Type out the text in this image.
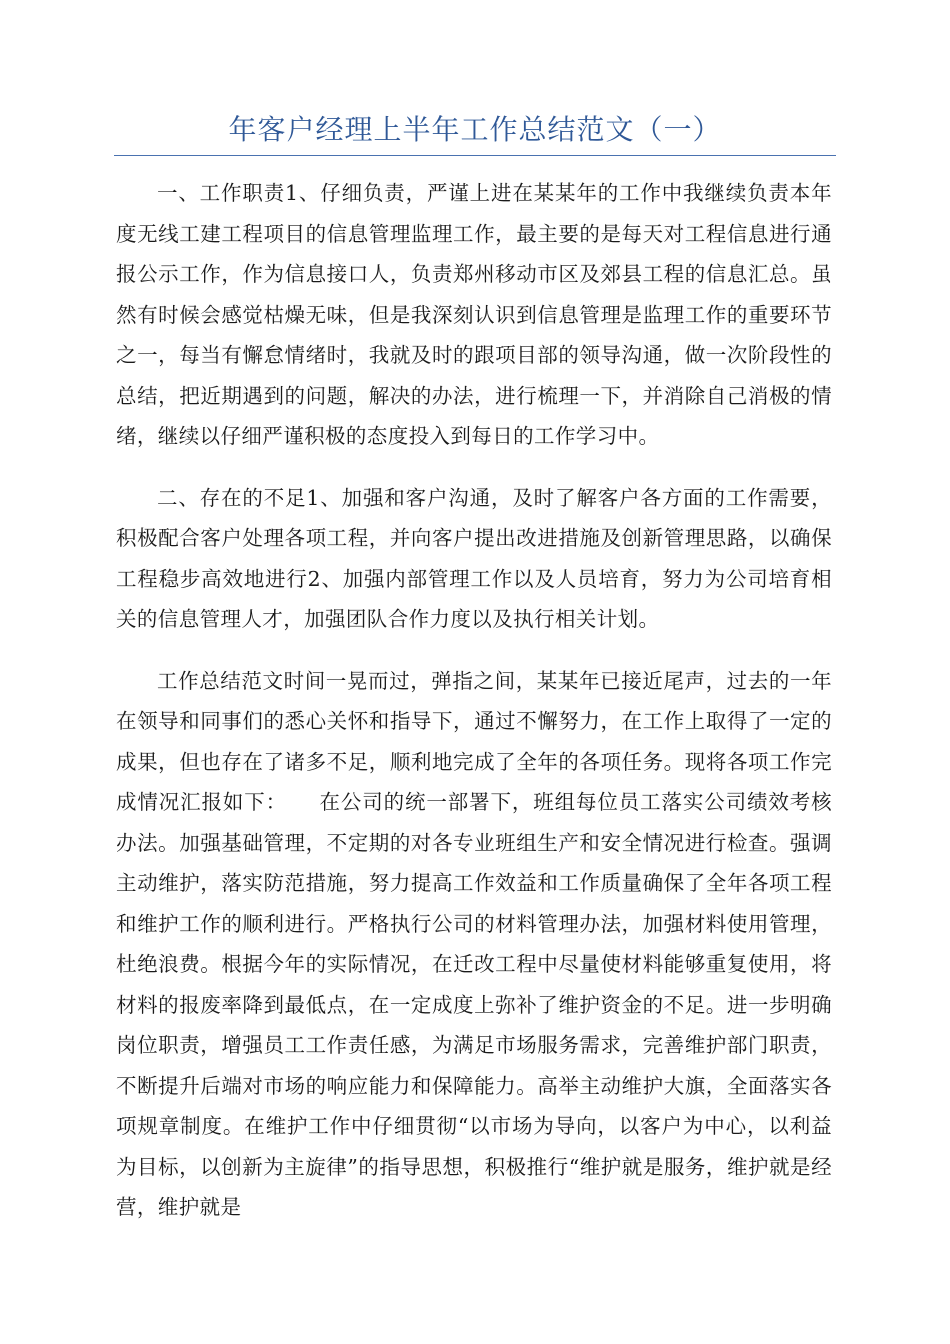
年客户经理上半年工作总结范文（一）

一、工作职责1、仔细负责，严谨上进在某某年的工作中我继续负责本年度无线工建工程项目的信息管理监理工作，最主要的是每天对工程信息进行通报公示工作，作为信息接口人，负责郑州移动市区及郊县工程的信息汇总。虽然有时候会感觉枯燥无味，但是我深刻认识到信息管理是监理工作的重要环节之一，每当有懈怠情绪时，我就及时的跟项目部的领导沟通，做一次阶段性的总结，把近期遇到的问题，解决的办法，进行梳理一下，并消除自己消极的情绪，继续以仔细严谨积极的态度投入到每日的工作学习中。

二、存在的不足1、加强和客户沟通，及时了解客户各方面的工作需要，积极配合客户处理各项工程，并向客户提出改进措施及创新管理思路，以确保工程稳步高效地进行2、加强内部管理工作以及人员培育，努力为公司培育相关的信息管理人才，加强团队合作力度以及执行相关计划。

工作总结范文时间一晃而过，弹指之间，某某年已接近尾声，过去的一年在领导和同事们的悉心关怀和指导下，通过不懈努力，在工作上取得了一定的成果，但也存在了诸多不足，顺利地完成了全年的各项任务。现将各项工作完成情况汇报如下：　　在公司的统一部署下，班组每位员工落实公司绩效考核办法。加强基础管理，不定期的对各专业班组生产和安全情况进行检查。强调主动维护，落实防范措施，努力提高工作效益和工作质量确保了全年各项工程和维护工作的顺利进行。严格执行公司的材料管理办法，加强材料使用管理，杜绝浪费。根据今年的实际情况，在迁改工程中尽量使材料能够重复使用，将材料的报废率降到最低点，在一定成度上弥补了维护资金的不足。进一步明确岗位职责，增强员工工作责任感，为满足市场服务需求，完善维护部门职责，不断提升后端对市场的响应能力和保障能力。高举主动维护大旗，全面落实各项规章制度。在维护工作中仔细贯彻“以市场为导向，以客户为中心，以利益为目标，以创新为主旋律”的指导思想，积极推行“维护就是服务，维护就是经营，维护就是
